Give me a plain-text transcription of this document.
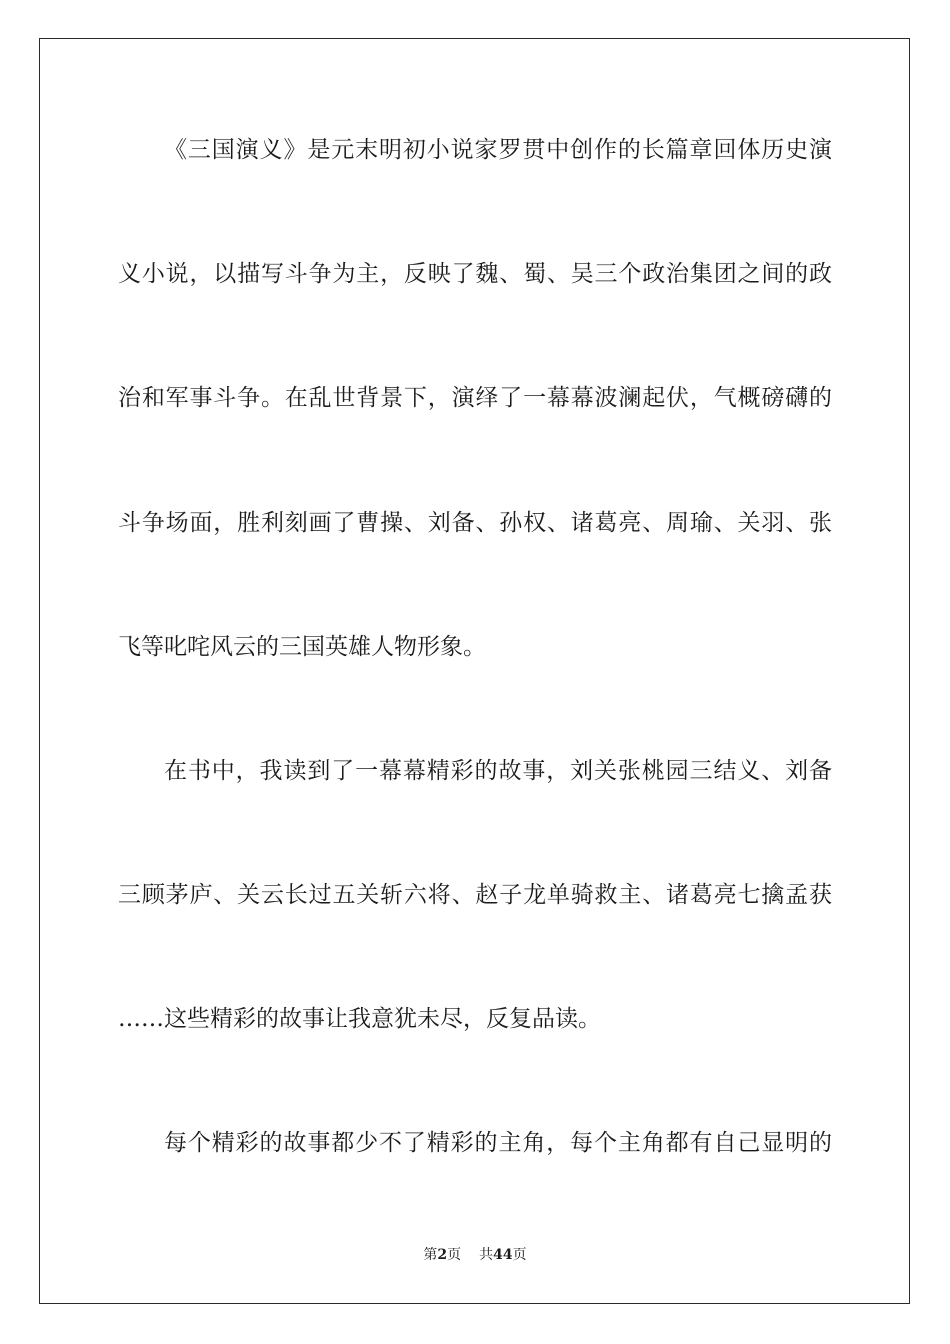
《三国演义》是元末明初小说家罗贯中创作的长篇章回体历史演
义小说，以描写斗争为主，反映了魏、蜀、吴三个政治集团之间的政
治和军事斗争。在乱世背景下，演绎了一幕幕波澜起伏，气概磅礴的
斗争场面，胜利刻画了曹操、刘备、孙权、诸葛亮、周瑜、关羽、张
飞等叱咤风云的三国英雄人物形象。
在书中，我读到了一幕幕精彩的故事，刘关张桃园三结义、刘备
三顾茅庐、关云长过五关斩六将、赵子龙单骑救主、诸葛亮七擒孟获
……这些精彩的故事让我意犹未尽，反复品读。
每个精彩的故事都少不了精彩的主角，每个主角都有自己显明的
第2页 共44页
